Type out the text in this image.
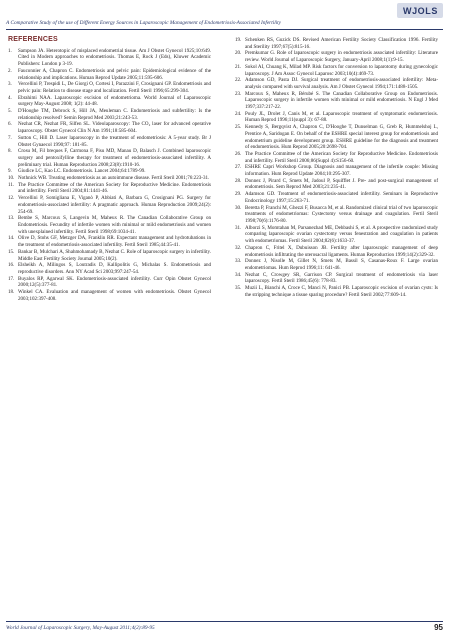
WJOLS
A Comparative Study of the use of Different Energy Sources in Laparoscopic Management of Endometriosis-Associated Infertility
REFERENCES
1.	Sampson JA. Heterotopic of misplaced endometrial tissue. Am J Obstet Gynecol 1925;10:649. Cited in Modern approaches to endometriosis. Thomas E, Rock J (Eds), Kluwer Academic Publishers: London p 3-19.
2.	Fauconnier A, Chapron C. Endometriosis and pelvic pain: Epidemiological evidence of the relationship and implications. Human Reprod Update 2005;11:595-606.
3.	Vercellini P, Trespidi L, De Giorgi O, Cortesi I, Parazzini F, Crosignani GP. Endometriosis and pelvic pain: Relation to disease stage and localization. Fertil Steril 1996;65:299-304.
4.	Ebrahimi NAA. Laparoscopic excision of endometrioma. World Journal of Laparoscopic surgery May-August 2008; 1(2): 44-48.
5.	D'Hooghe TM, Debrock S, Hill JA, Meuleman C. Endometriosis and subfertility: Is the relationship resolved? Semin Reprod Med 2003;21:243-53.
6.	Nezhat CR, Nezhat FR, Silfen SL. Videolaparoscopy: The CO₂ laser for advanced operative laparoscopy. Obstet Gynecol Clin N Am 1991;18:585-604.
7.	Sutton C, Hill D. Laser laparoscopy in the treatment of endometriosis: A 5-year study. Br J Obstet Gynaecol 1990;97: 181-85.
8.	Crosu M, Fil breques F, Carmona F, Pisu MD, Manau D, Balasch J. Combined laparoscopic surgery and pentoxifylline therapy for treatment of endometriosis-associated infertility. A preliminary trial. Human Reproduction 2008;23(8):1910-16.
9.	Giudice LC, Kao LC. Endometriosis. Lancet 2004;64:1789-99.
10. Nothnick WB. Treating endometriosis as an autoimmune disease. Fertil Steril 2001;76:223-31.
11. The Practice Committee of the American Society for Reproductive Medicine. Endometriosis and infertility. Fertil Steril 2004;81:1441-46.
12. Vercellini P, Somigliana E, Viganò P, Abbiati A, Barbara G, Crosignani PG. Surgery for endometriosis-associated infertility: A pragmatic approach. Human Reproduction 2009;24(2): 254-69.
13. Bembe S, Marcoux S, Langevin M, Maheux R. The Canadian Collaborative Group on Endometriosis. Fecundity of infertile women with minimal or mild endometriosis and women with unexplained infertility. Fertil Steril 1998;69:1034-41.
14. Olive D, Stohs GF, Metzger DA, Franklin RR. Expectant management and hydrotubations in the treatment of endometriosis-associated infertility. Fertil Steril 1985;44:35-41.
15. Bankar B, Mulchari A, Shahmohamady B, Nezhat C. Role of laparoscopic surgery in infertility. Middle East Fertility Society Journal 2005;10(2).
16. Elsheikh A, Milingos S, Loutradis D, Kallipolitis G, Michalas S. Endometriosis and reproductive disorders. Ann NY Acad Sci 2003;997:247-54.
17. Buyalos RP, Agarwal SK. Endometriosis-associated infertility. Curr Opin Obstet Gynecol 2000;12(5):377-81.
18. Winkel CA. Evaluation and management of women with endometriosis. Obstet Gynecol 2003;102:397-408.
19. Schenken RS, Guzick DS. Revised American Fertility Society Classification 1996. Fertility and Sterility 1997;67(5):815-16.
20. Premkumar G. Role of laparoscopic surgery in endometriosis associated infertility: Literature review. World Journal of Laparoscopic Surgery, January-April 2008;1(1):9-15.
21. Sokol AI, Chuang K, Milad MP. Risk factors for conversion to laparotomy during gynecologic laparoscopy. J Am Assoc Gynecol Laparosc 2003;10(4):469-73.
22. Adamson GD, Pasta DJ. Surgical treatment of endometriosis-associated infertility: Meta-analysis compared with survival analysis. Am J Obstet Gynecol 1994;171:1488-1505.
23. Marcoux S, Maheux R, Bérubé S. The Canadian Collaborative Group on Endometriosis. Laparoscopic surgery in infertile women with minimal or mild endometriosis. N Engl J Med 1997;337:217-22.
24. Pouly JL, Drolet J, Canis M, et al. Laparoscopic treatment of symptomatic endometriosis. Human Reprod 1996;11(suppl 3): 67-88.
25. Kennedy S, Bergqvist A, Chapron C, D'Hooghe T, Dunselman G, Greb R, Hummelshoj L, Prentice A, Saridogan E. On behalf of the ESHRE special interest group for endometriosis and endometrium guideline development group. ESHRE guideline for the diagnosis and treatment of endometriosis. Hum Reprod 2005;20:2698-704.
26. The Practice Committee of the American Society for Reproductive Medicine. Endometriosis and infertility. Fertil Steril 2006;86(Suppl 4):S156-60.
27. ESHRE Capri Workshop Group. Diagnosis and management of the infertile couple: Missing information. Hum Reprod Update 2004;10:295-307.
28. Donnez J, Pirard C, Smets M, Jadoul P, Squifflet J. Pre- and post-surgical management of endometriosis. Sem Reprod Med 2003;21:235-41.
29. Adamson GD. Treatment of endometriosis-associated infertility. Seminars in Reproductive Endocrinology 1997;15:263-71.
30. Beretta P, Franchi M, Ghezzi F, Busacca M, et al. Randomized clinical trial of two laparoscopic treatments of endometriomas: Cystectomy versus drainage and coagulation. Fertil Steril 1998;70(6):1176-80.
31. Alborzi S, Momtahan M, Parsanezhad ME, Dehbashi S, et al. A prospective randomized study comparing laparoscopic ovarian cystectomy versus fenestration and coagulation in patients with endometriomas. Fertil Steril 2004;82(6):1633-37.
32. Chapron C, Fritel X, Dubuisson JB. Fertility after laparoscopic management of deep endometriosis infiltrating the uterosacral ligaments. Human Reproduction 1999;14(2):329-32.
33. Donnez J, Nisolle M, Gillet N, Smets M, Bassil S, Casanas-Roux F. Large ovarian endometriomas. Hum Reprod 1996;11: 641-46.
34. Nezhat C, Crowgey SR, Garrison CP. Surgical treatment of endometriosis via laser laparoscopy. Fertil Steril 1986;45(6): 778-83.
35. Muzii L, Bianchi A, Croce C, Manci N, Panici PB. Laparoscopic excision of ovarian cysts: Is the stripping technique a tissue sparing procedure? Fertil Steril 2002;77:609-14.
World Journal of Laparoscopic Surgery, May-August 2011;4(2):89-95	95
